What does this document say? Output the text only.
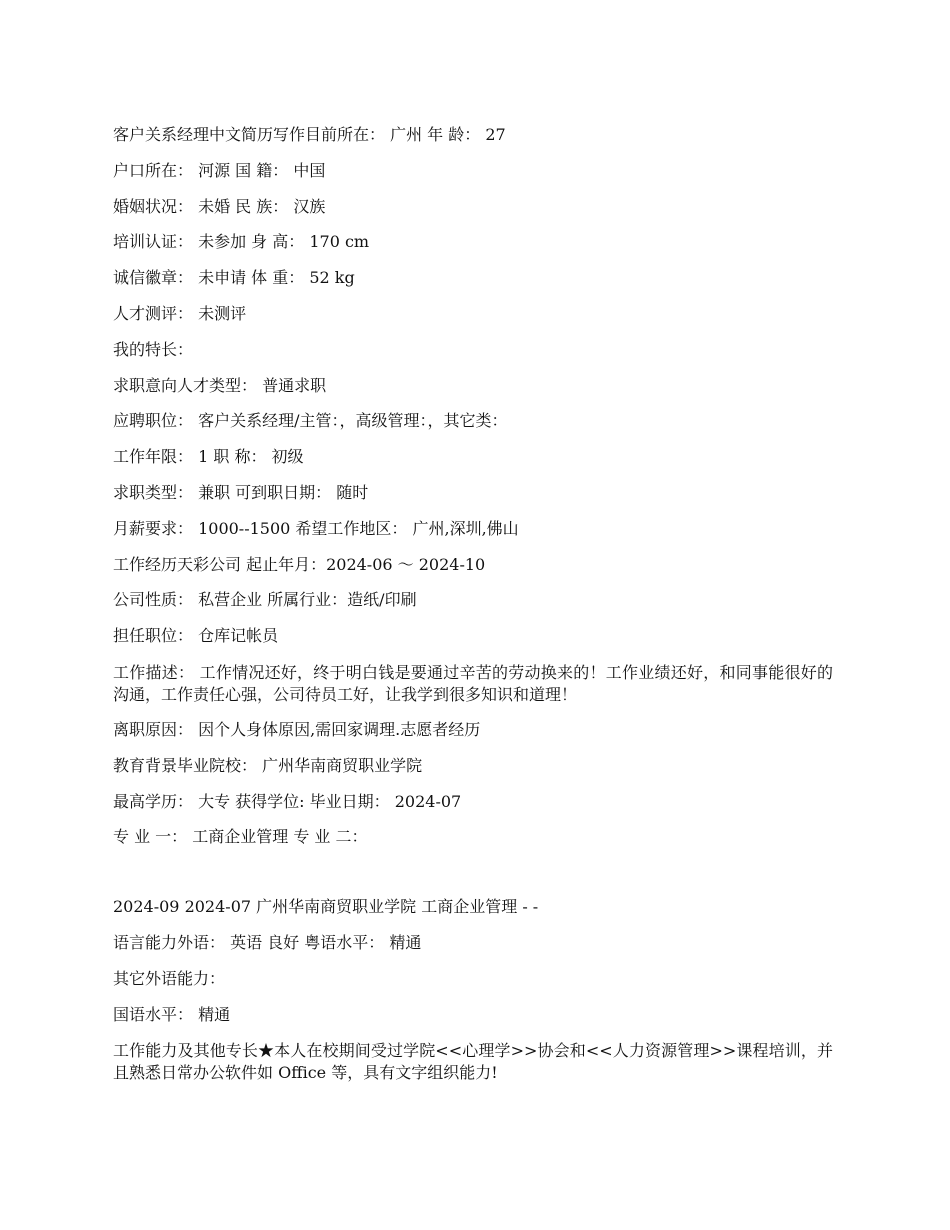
客户关系经理中文简历写作目前所在： 广州 年 龄： 27
户口所在： 河源 国 籍： 中国
婚姻状况： 未婚 民 族： 汉族
培训认证： 未参加 身 高： 170 cm
诚信徽章： 未申请 体 重： 52 kg
人才测评： 未测评
我的特长：
求职意向人才类型： 普通求职
应聘职位： 客户关系经理/主管：，高级管理：，其它类：
工作年限： 1 职 称： 初级
求职类型： 兼职 可到职日期： 随时
月薪要求： 1000--1500 希望工作地区： 广州,深圳,佛山
工作经历天彩公司 起止年月：2024-06 ～ 2024-10
公司性质： 私营企业 所属行业：造纸/印刷
担任职位： 仓库记帐员
工作描述： 工作情况还好，终于明白钱是要通过辛苦的劳动换来的！工作业绩还好，和同事能很好的沟通，工作责任心强，公司待员工好，让我学到很多知识和道理！
离职原因： 因个人身体原因,需回家调理.志愿者经历
教育背景毕业院校： 广州华南商贸职业学院
最高学历： 大专 获得学位: 毕业日期： 2024-07
专 业 一： 工商企业管理 专 业 二：
2024-09 2024-07 广州华南商贸职业学院 工商企业管理 - -
语言能力外语： 英语 良好 粤语水平： 精通
其它外语能力：
国语水平： 精通
工作能力及其他专长★本人在校期间受过学院<<心理学>>协会和<<人力资源管理>>课程培训，并且熟悉日常办公软件如 Office 等，具有文字组织能力!
